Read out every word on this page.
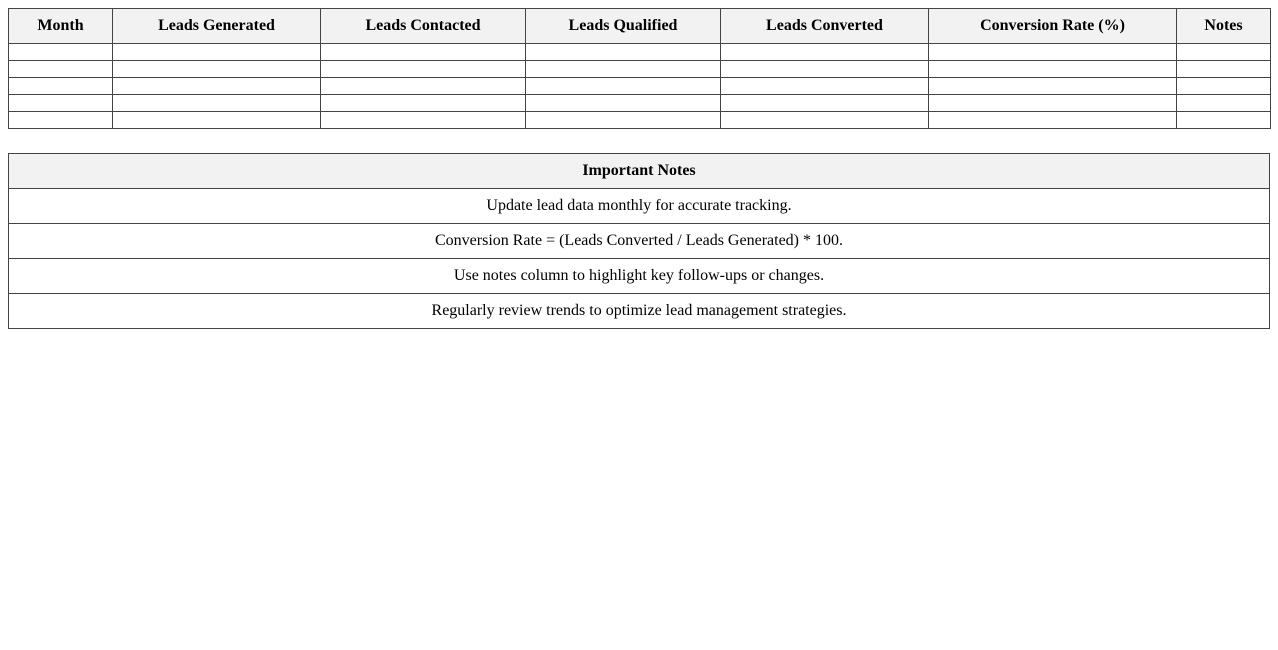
Month	Leads Generated	Leads Contacted	Leads Qualified	Leads Converted	Conversion Rate (%)	Notes

Important Notes
Update lead data monthly for accurate tracking.
Conversion Rate = (Leads Converted / Leads Generated) * 100.
Use notes column to highlight key follow-ups or changes.
Regularly review trends to optimize lead management strategies.
